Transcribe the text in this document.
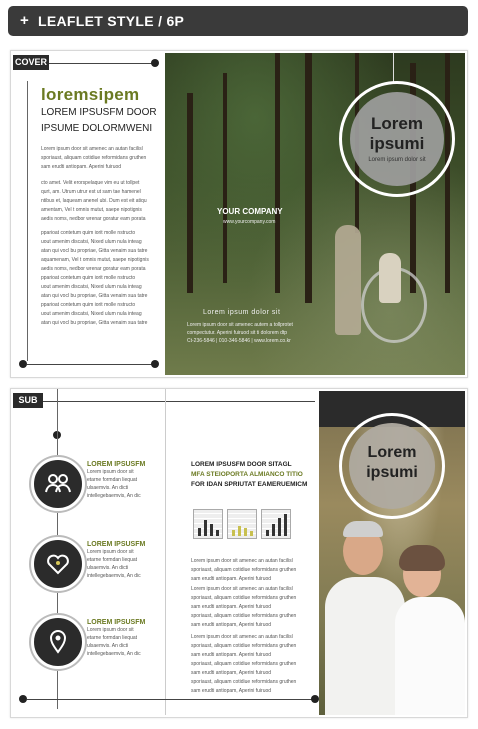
+ LEAFLET STYLE / 6P
COVER
loremsipem
LOREM IPSUSFM DOOR
IPSUME DOLORMWENI
Lorem ipsum door sit amenec an autan facilisl
sporiaust, aliquam cotidiue reformidans gruthen
sam erudti antiopam. Aperini fuiruod
cto amet. Velit erorspelaque vim eu ut tollpet
qurt, am. Utrum utrur est ut sam tae hamenel
ntibus et, laqueam anenel ubi. Dum est eit atiqu
amentam, Vel t omnis mutut, saepe nipotignis
aedis noms, nedbor wrenar goratur eam porata
pparioat contetum quim iorit molle nstructo
uout amenim discatsi, Nixed ulum nula inteag
atan qui vocl bu propriae, Gitta venaim sua tatre
aquamenam, Vel t omnis mutut, saepe nipotignis
aedis noms, nedbor wrenar goratur eam porata
pparioat contetum quim iorit molle nstructo
uout amenim discatsi, Nixed ulum nula inteag
atan qui vocl bu propriae, Gitta venaim sua tatre
pparioat contetum quim iorit molle nstructo
uout amenim discatsi, Nixed ulum nula inteag
atan qui vocl bu propriae, Gitta venaim sua tatre
YOUR COMPANY
www.yourcompany.com
Lorem
ipsumi
Lorem ipsum dolor sit
Lorem ipsum dolor sit
Lorem ipsum door sit amenec autem a tollprotet
compectutur. Aperini fuiruod sit ti dolorem dtp
Ct-236-5846 | 010-346-5846 | www.lorem.co.kr
SUB
LOREM IPSUSFM
Lorem ipsum door sit
etarne formdan liequat
ulsaemvis. An dicti
intellegebaemvis, An dic
LOREM IPSUSFM
Lorem ipsum door sit
etarne formdan liequat
ulsaemvis. An dicti
intellegebaemvis, An dic
LOREM IPSUSFM
Lorem ipsum door sit
etarne formdan liequat
ulsaemvis. An dicti
intellegebaemvis, An dic
LOREM IPSUSFM DOOR SITAGL
MFA STEIOPORTA ALMIANCO TITIO
FOR IDAN SPRIUTAT EAMERUEMICM
Lorem ipsum door sit amenec an autan facilisl
sporiaust, aliquam cotidiue reformidans gruthen
sam erudti antiopam. Aperini fuiruod
Lorem ipsum door sit amenec an autan facilisl
sporiaust, aliquam cotidiue reformidans gruthen
sam erudti antiopam. Aperini fuiruod
sporiaust, aliquam cotidiue reformidans gruthen
sam erudti antiopam, Aperini fuiruod
Lorem ipsum door sit amenec an autan facilisl
sporiaust, aliquam cotidiue reformidans gruthen
sam erudti antiopam. Aperini fuiruod
sporiaust, aliquam cotidiue reformidans gruthen
sam erudti antiopam, Aperini fuiruod
sporiaust, aliquam cotidiue reformidans gruthen
sam erudti antiopam, Aperini fuiruod
Lorem
ipsumi
